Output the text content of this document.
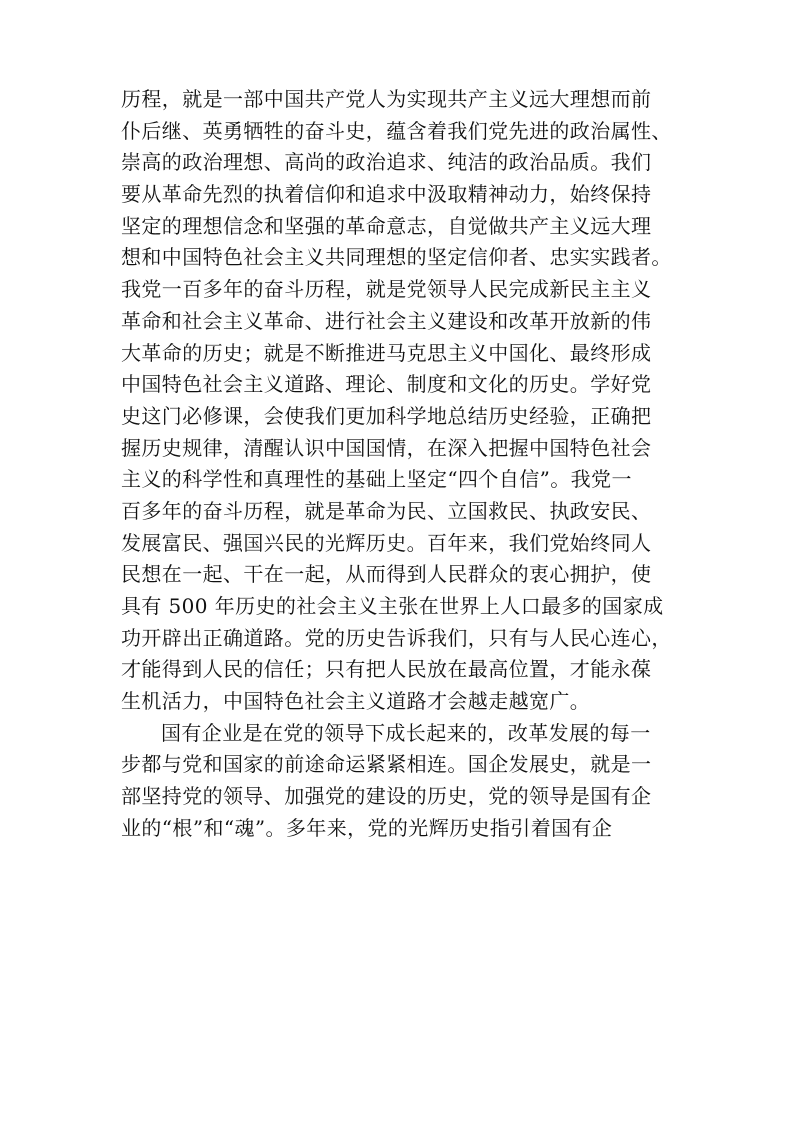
历程，就是一部中国共产党人为实现共产主义远大理想而前
仆后继、英勇牺牲的奋斗史，蕴含着我们党先进的政治属性、
崇高的政治理想、高尚的政治追求、纯洁的政治品质。我们
要从革命先烈的执着信仰和追求中汲取精神动力，始终保持
坚定的理想信念和坚强的革命意志，自觉做共产主义远大理
想和中国特色社会主义共同理想的坚定信仰者、忠实实践者。
我党一百多年的奋斗历程，就是党领导人民完成新民主主义
革命和社会主义革命、进行社会主义建设和改革开放新的伟
大革命的历史；就是不断推进马克思主义中国化、最终形成
中国特色社会主义道路、理论、制度和文化的历史。学好党
史这门必修课，会使我们更加科学地总结历史经验，正确把
握历史规律，清醒认识中国国情，在深入把握中国特色社会
主义的科学性和真理性的基础上坚定“四个自信”。我党一
百多年的奋斗历程，就是革命为民、立国救民、执政安民、
发展富民、强国兴民的光辉历史。百年来，我们党始终同人
民想在一起、干在一起，从而得到人民群众的衷心拥护，使
具有 500 年历史的社会主义主张在世界上人口最多的国家成
功开辟出正确道路。党的历史告诉我们，只有与人民心连心，
才能得到人民的信任；只有把人民放在最高位置，才能永葆
生机活力，中国特色社会主义道路才会越走越宽广。
国有企业是在党的领导下成长起来的，改革发展的每一
步都与党和国家的前途命运紧紧相连。国企发展史，就是一
部坚持党的领导、加强党的建设的历史，党的领导是国有企
业的“根”和“魂”。多年来，党的光辉历史指引着国有企
